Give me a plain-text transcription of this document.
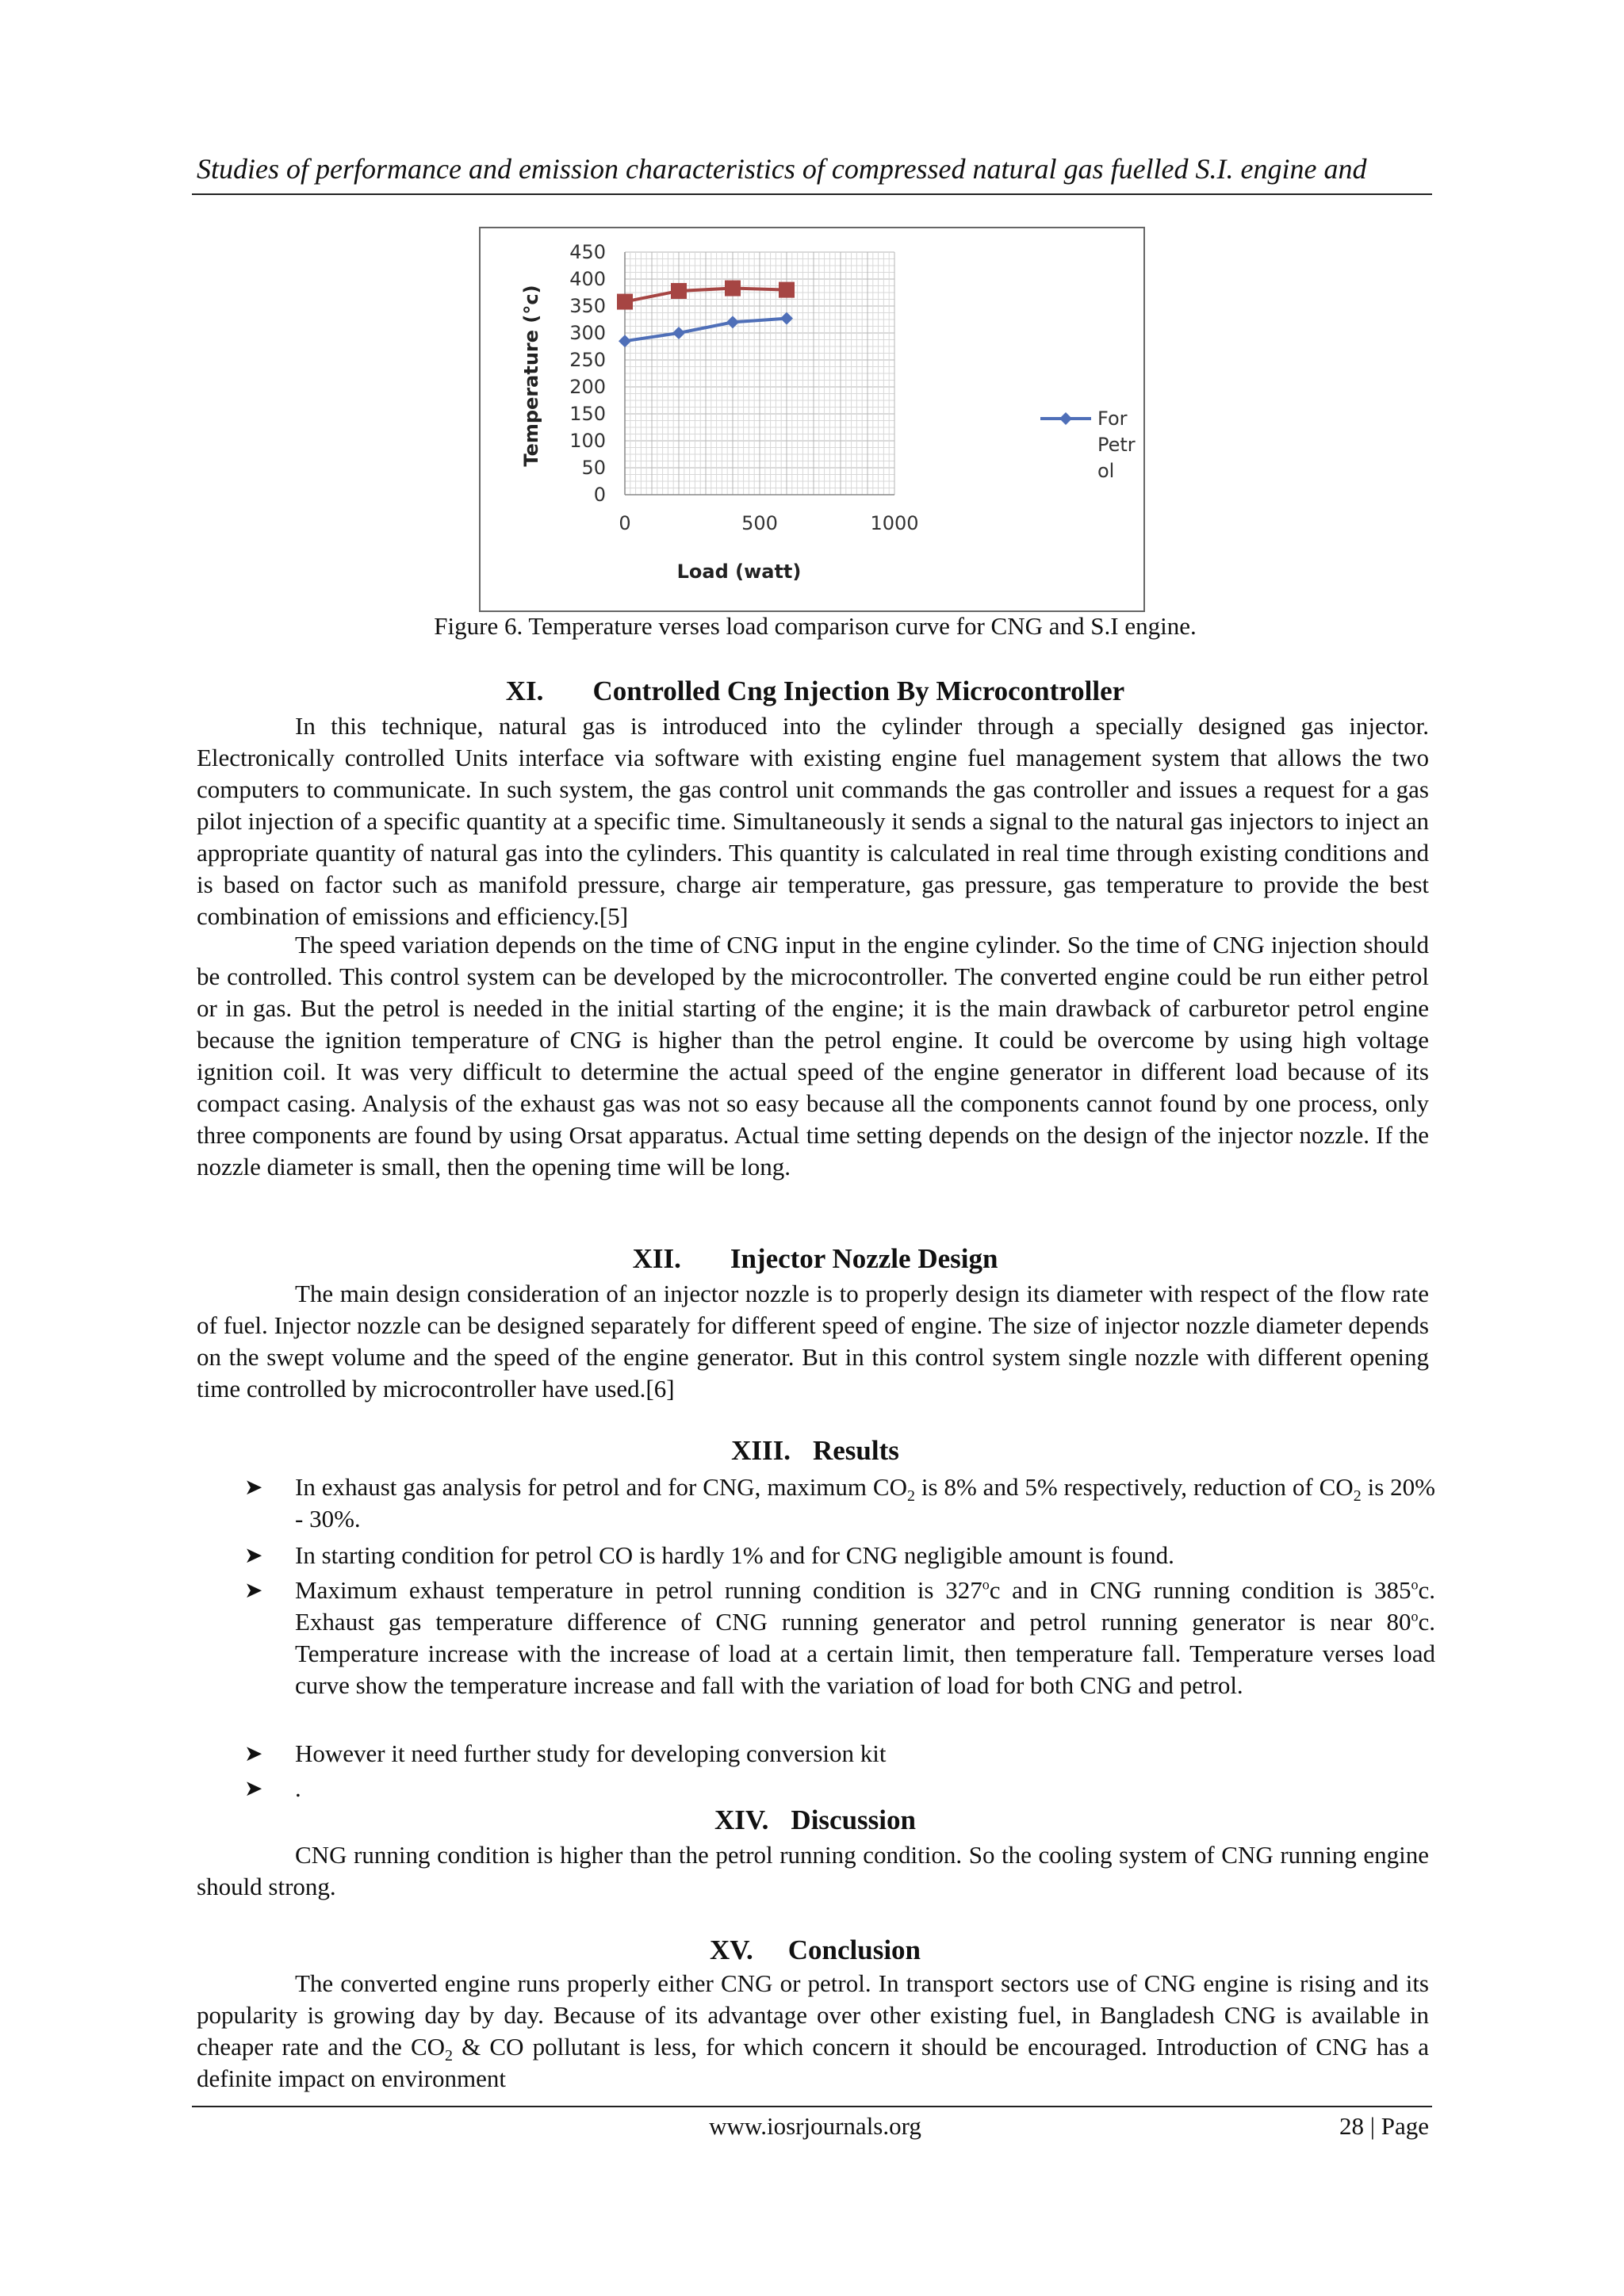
Studies of performance and emission characteristics of compressed natural gas fuelled S.I. engine and
450
400
350
300
250
200
150
100
50
0
0	500	1000
Temperature (°c)
Load (watt)
For
Petr
ol
Figure 6. Temperature verses load comparison curve for CNG and S.I engine.
XI. Controlled Cng Injection By Microcontroller

In this technique, natural gas is introduced into the cylinder through a specially designed gas injector. Electronically controlled Units interface via software with existing engine fuel management system that allows the two computers to communicate. In such system, the gas control unit commands the gas controller and issues a request for a gas pilot injection of a specific quantity at a specific time. Simultaneously it sends a signal to the natural gas injectors to inject an appropriate quantity of natural gas into the cylinders. This quantity is calculated in real time through existing conditions and is based on factor such as manifold pressure, charge air temperature, gas pressure, gas temperature to provide the best combination of emissions and efficiency.[5]

The speed variation depends on the time of CNG input in the engine cylinder. So the time of CNG injection should be controlled. This control system can be developed by the microcontroller. The converted engine could be run either petrol or in gas. But the petrol is needed in the initial starting of the engine; it is the main drawback of carburetor petrol engine because the ignition temperature of CNG is higher than the petrol engine. It could be overcome by using high voltage ignition coil. It was very difficult to determine the actual speed of the engine generator in different load because of its compact casing. Analysis of the exhaust gas was not so easy because all the components cannot found by one process, only three components are found by using Orsat apparatus. Actual time setting depends on the design of the injector nozzle. If the nozzle diameter is small, then the opening time will be long.

XII. Injector Nozzle Design

The main design consideration of an injector nozzle is to properly design its diameter with respect of the flow rate of fuel. Injector nozzle can be designed separately for different speed of engine. The size of injector nozzle diameter depends on the swept volume and the speed of the engine generator. But in this control system single nozzle with different opening time controlled by microcontroller have used.[6]

XIII. Results
➤ In exhaust gas analysis for petrol and for CNG, maximum $CO_2$ is 8% and 5% respectively, reduction of $CO_2$ is 20% - 30%.
➤ In starting condition for petrol CO is hardly 1% and for CNG negligible amount is found.
➤ Maximum exhaust temperature in petrol running condition is 327$^o$c and in CNG running condition is 385$^o$c. Exhaust gas temperature difference of CNG running generator and petrol running generator is near 80$^o$c. Temperature increase with the increase of load at a certain limit, then temperature fall. Temperature verses load curve show the temperature increase and fall with the variation of load for both CNG and petrol.
➤ However it need further study for developing conversion kit
➤ .
XIV. Discussion

CNG running condition is higher than the petrol running condition. So the cooling system of CNG running engine should strong.

XV. Conclusion

The converted engine runs properly either CNG or petrol. In transport sectors use of CNG engine is rising and its popularity is growing day by day. Because of its advantage over other existing fuel, in Bangladesh CNG is available in cheaper rate and the $CO_2$ & CO pollutant is less, for which concern it should be encouraged. Introduction of CNG has a definite impact on environment

www.iosrjournals.org	28 | Page
